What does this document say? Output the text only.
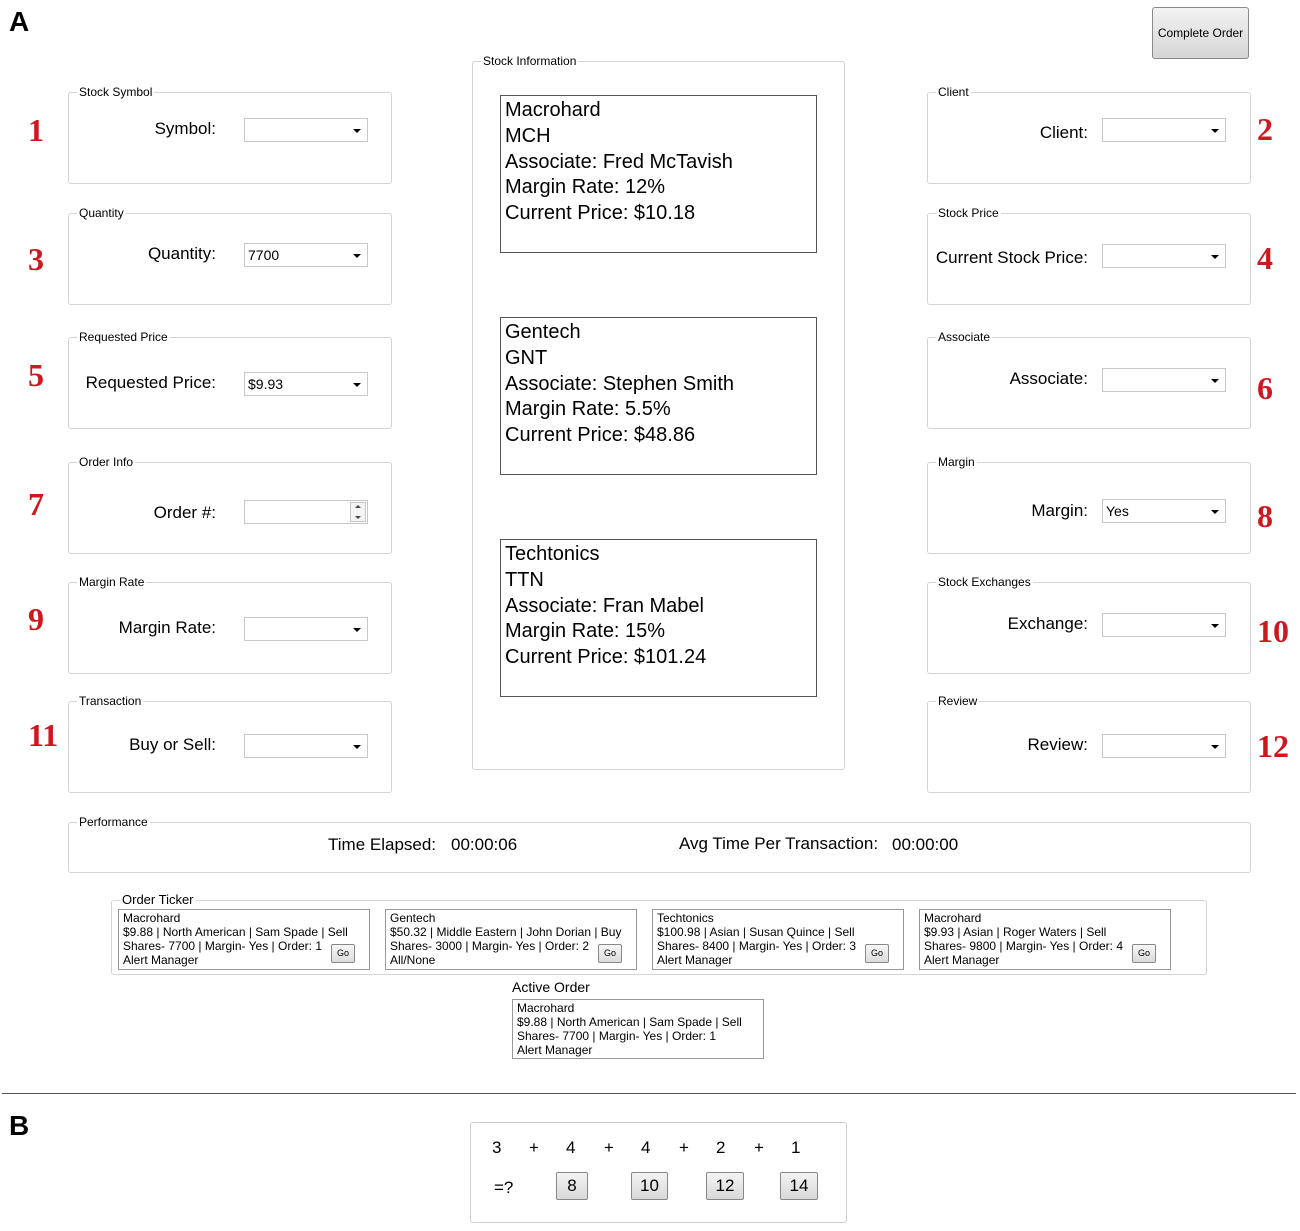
A
B
Complete Order
Stock Symbol
Symbol:
1
Quantity
Quantity: 7700
3
Requested Price
Requested Price: $9.93
5
Order Info
Order #:
7
Margin Rate
Margin Rate:
9
Transaction
Buy or Sell:
11
Stock Information
Macrohard
MCH
Associate: Fred McTavish
Margin Rate: 12%
Current Price: $10.18
Gentech
GNT
Associate: Stephen Smith
Margin Rate: 5.5%
Current Price: $48.86
Techtonics
TTN
Associate: Fran Mabel
Margin Rate: 15%
Current Price: $101.24
Client
Client:	2
Stock Price
Current Stock Price:	4
Associate
Associate:	6
Margin
Margin: Yes	8
Stock Exchanges
Exchange:	10
Review
Review:	12
Performance
Time Elapsed: 00:00:06	Avg Time Per Transaction: 00:00:00
Order Ticker
Macrohard
$9.88 | North American | Sam Spade | Sell
Shares- 7700 | Margin- Yes | Order: 1
Alert Manager	Go
Gentech
$50.32 | Middle Eastern | John Dorian | Buy
Shares- 3000 | Margin- Yes | Order: 2
All/None	Go
Techtonics
$100.98 | Asian | Susan Quince | Sell
Shares- 8400 | Margin- Yes | Order: 3
Alert Manager	Go
Macrohard
$9.93 | Asian | Roger Waters | Sell
Shares- 9800 | Margin- Yes | Order: 4
Alert Manager	Go
Active Order
Macrohard
$9.88 | North American | Sam Spade | Sell
Shares- 7700 | Margin- Yes | Order: 1
Alert Manager
3 + 4 + 4 + 2 + 1
=?	8	10	12	14
